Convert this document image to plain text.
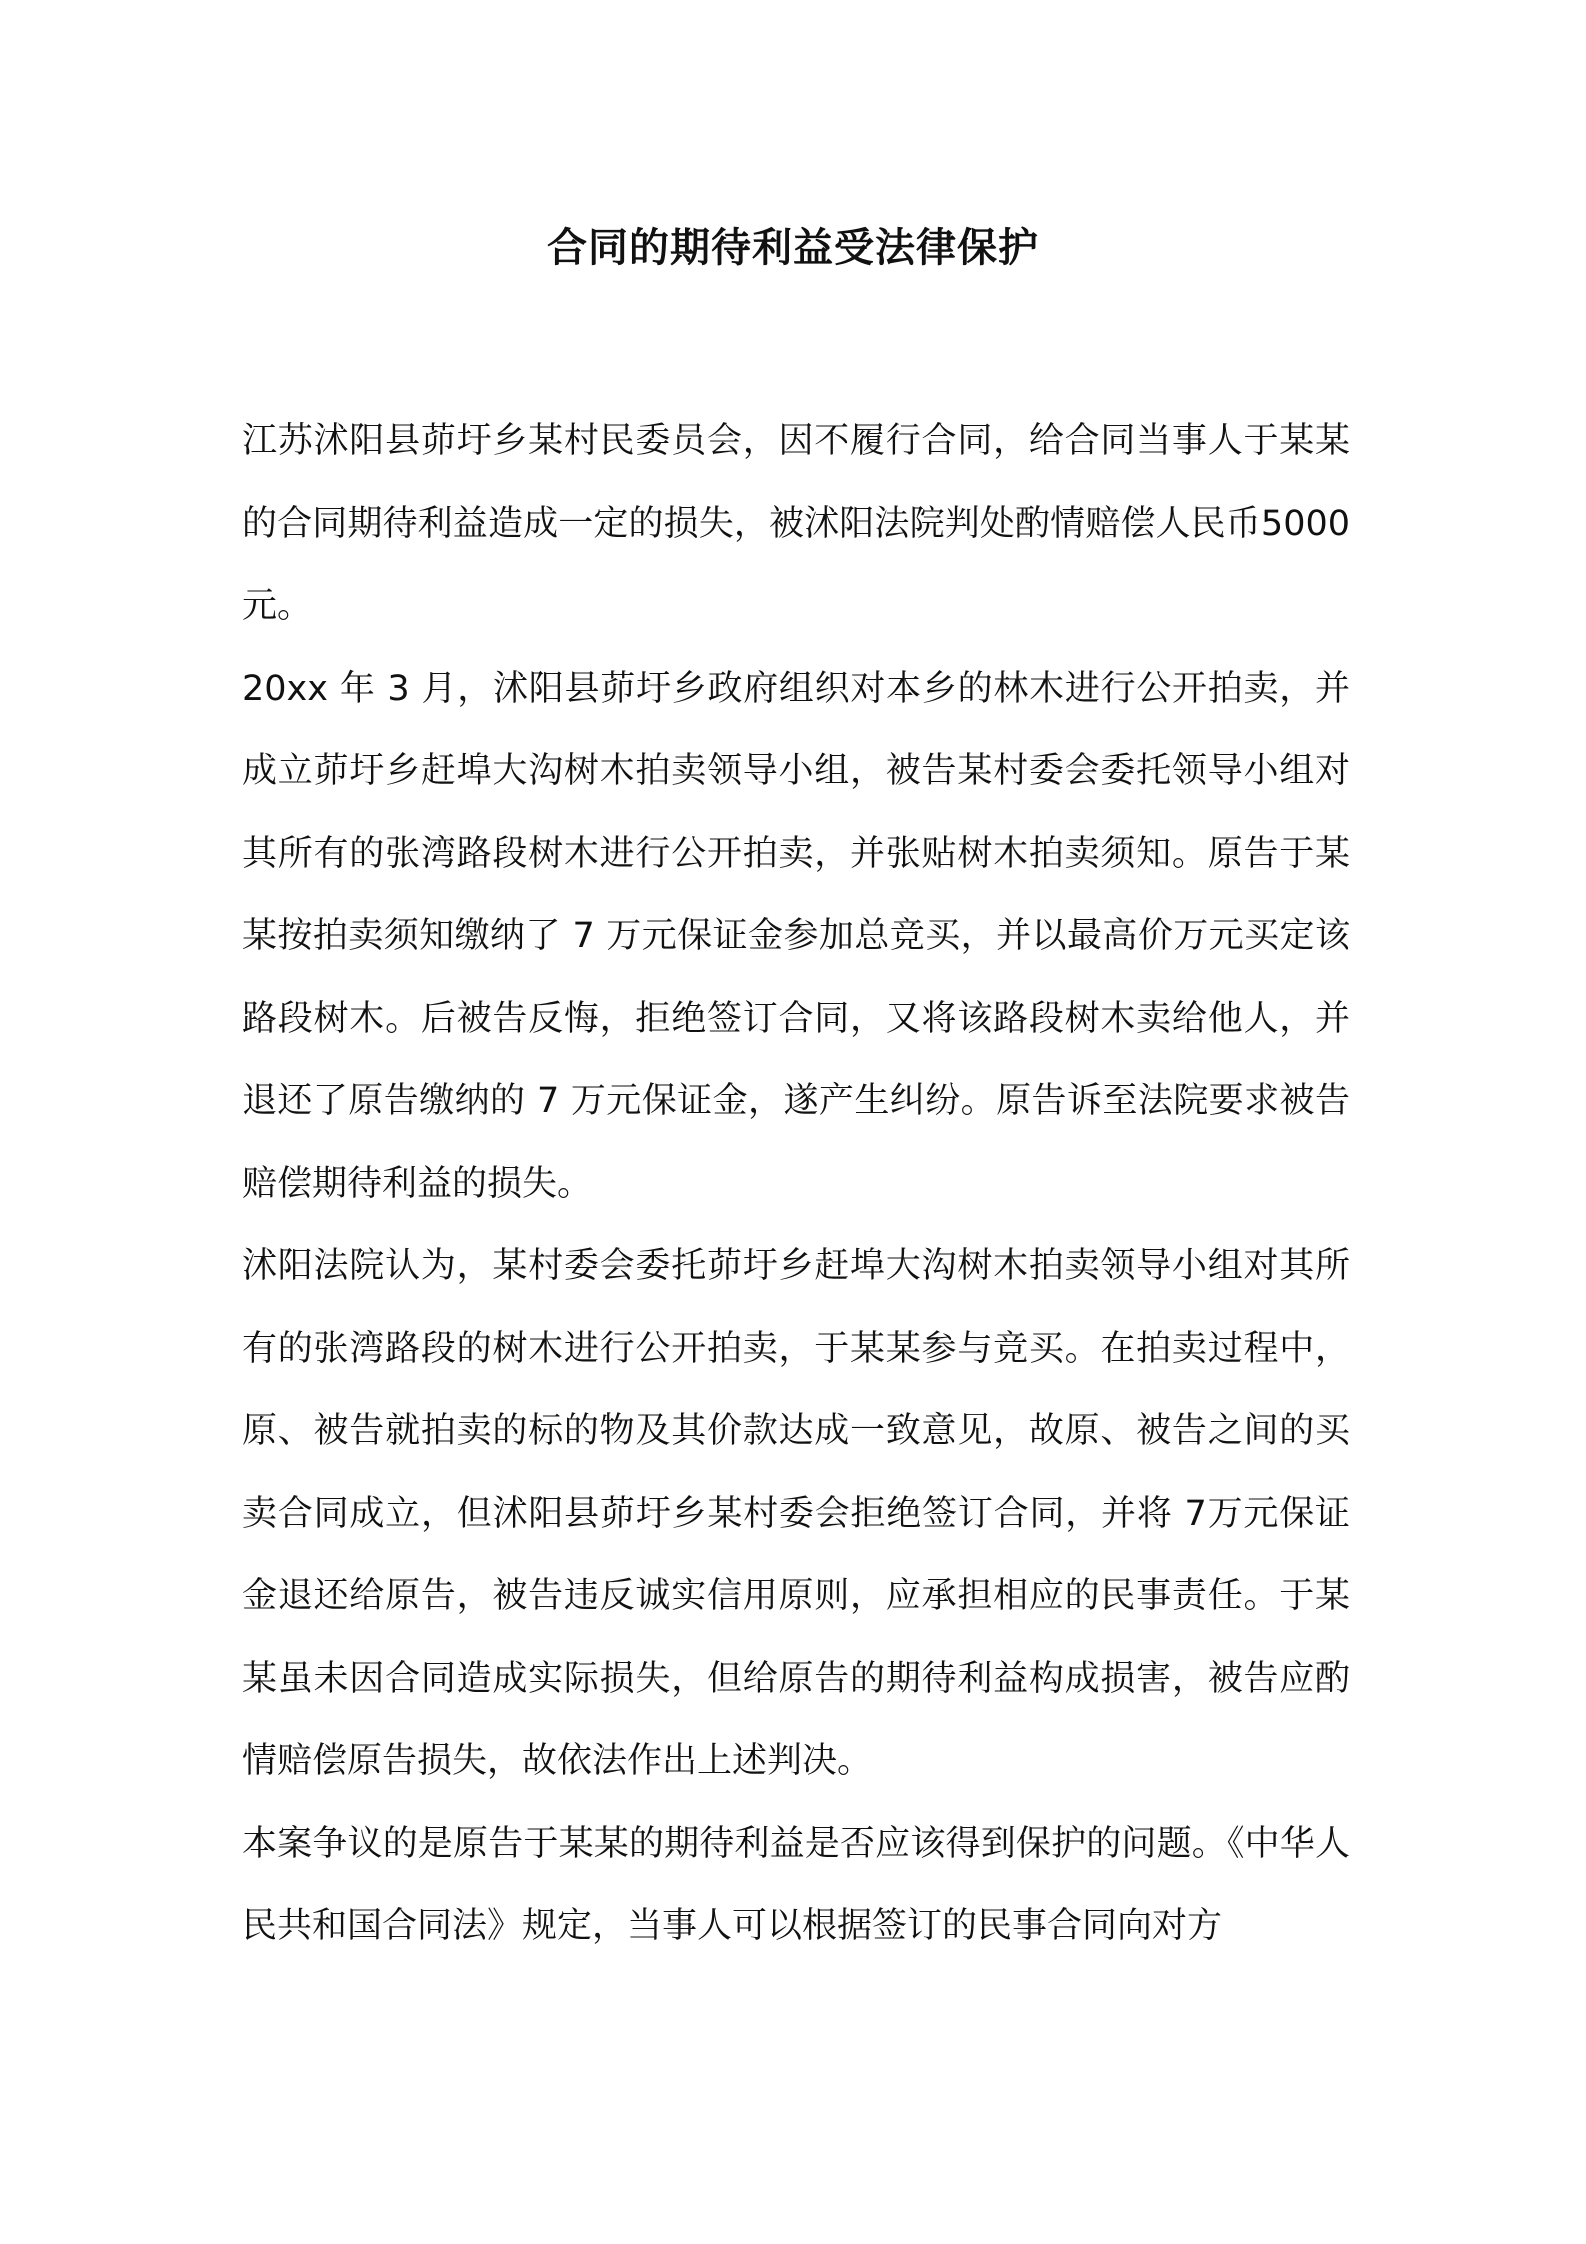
合同的期待利益受法律保护

江苏沭阳县茆圩乡某村民委员会，因不履行合同，给合同当事人于某某的合同期待利益造成一定的损失，被沭阳法院判处酌情赔偿人民币5000 元。

20xx 年 3 月，沭阳县茆圩乡政府组织对本乡的林木进行公开拍卖，并成立茆圩乡赶埠大沟树木拍卖领导小组，被告某村委会委托领导小组对其所有的张湾路段树木进行公开拍卖，并张贴树木拍卖须知。原告于某某按拍卖须知缴纳了 7 万元保证金参加总竞买，并以最高价万元买定该路段树木。后被告反悔，拒绝签订合同，又将该路段树木卖给他人，并退还了原告缴纳的 7 万元保证金，遂产生纠纷。原告诉至法院要求被告赔偿期待利益的损失。

沭阳法院认为，某村委会委托茆圩乡赶埠大沟树木拍卖领导小组对其所有的张湾路段的树木进行公开拍卖，于某某参与竞买。在拍卖过程中，原、被告就拍卖的标的物及其价款达成一致意见，故原、被告之间的买卖合同成立，但沭阳县茆圩乡某村委会拒绝签订合同，并将 7万元保证金退还给原告，被告违反诚实信用原则，应承担相应的民事责任。于某某虽未因合同造成实际损失，但给原告的期待利益构成损害，被告应酌情赔偿原告损失，故依法作出上述判决。

本案争议的是原告于某某的期待利益是否应该得到保护的问题。《中华人民共和国合同法》规定，当事人可以根据签订的民事合同向对方
